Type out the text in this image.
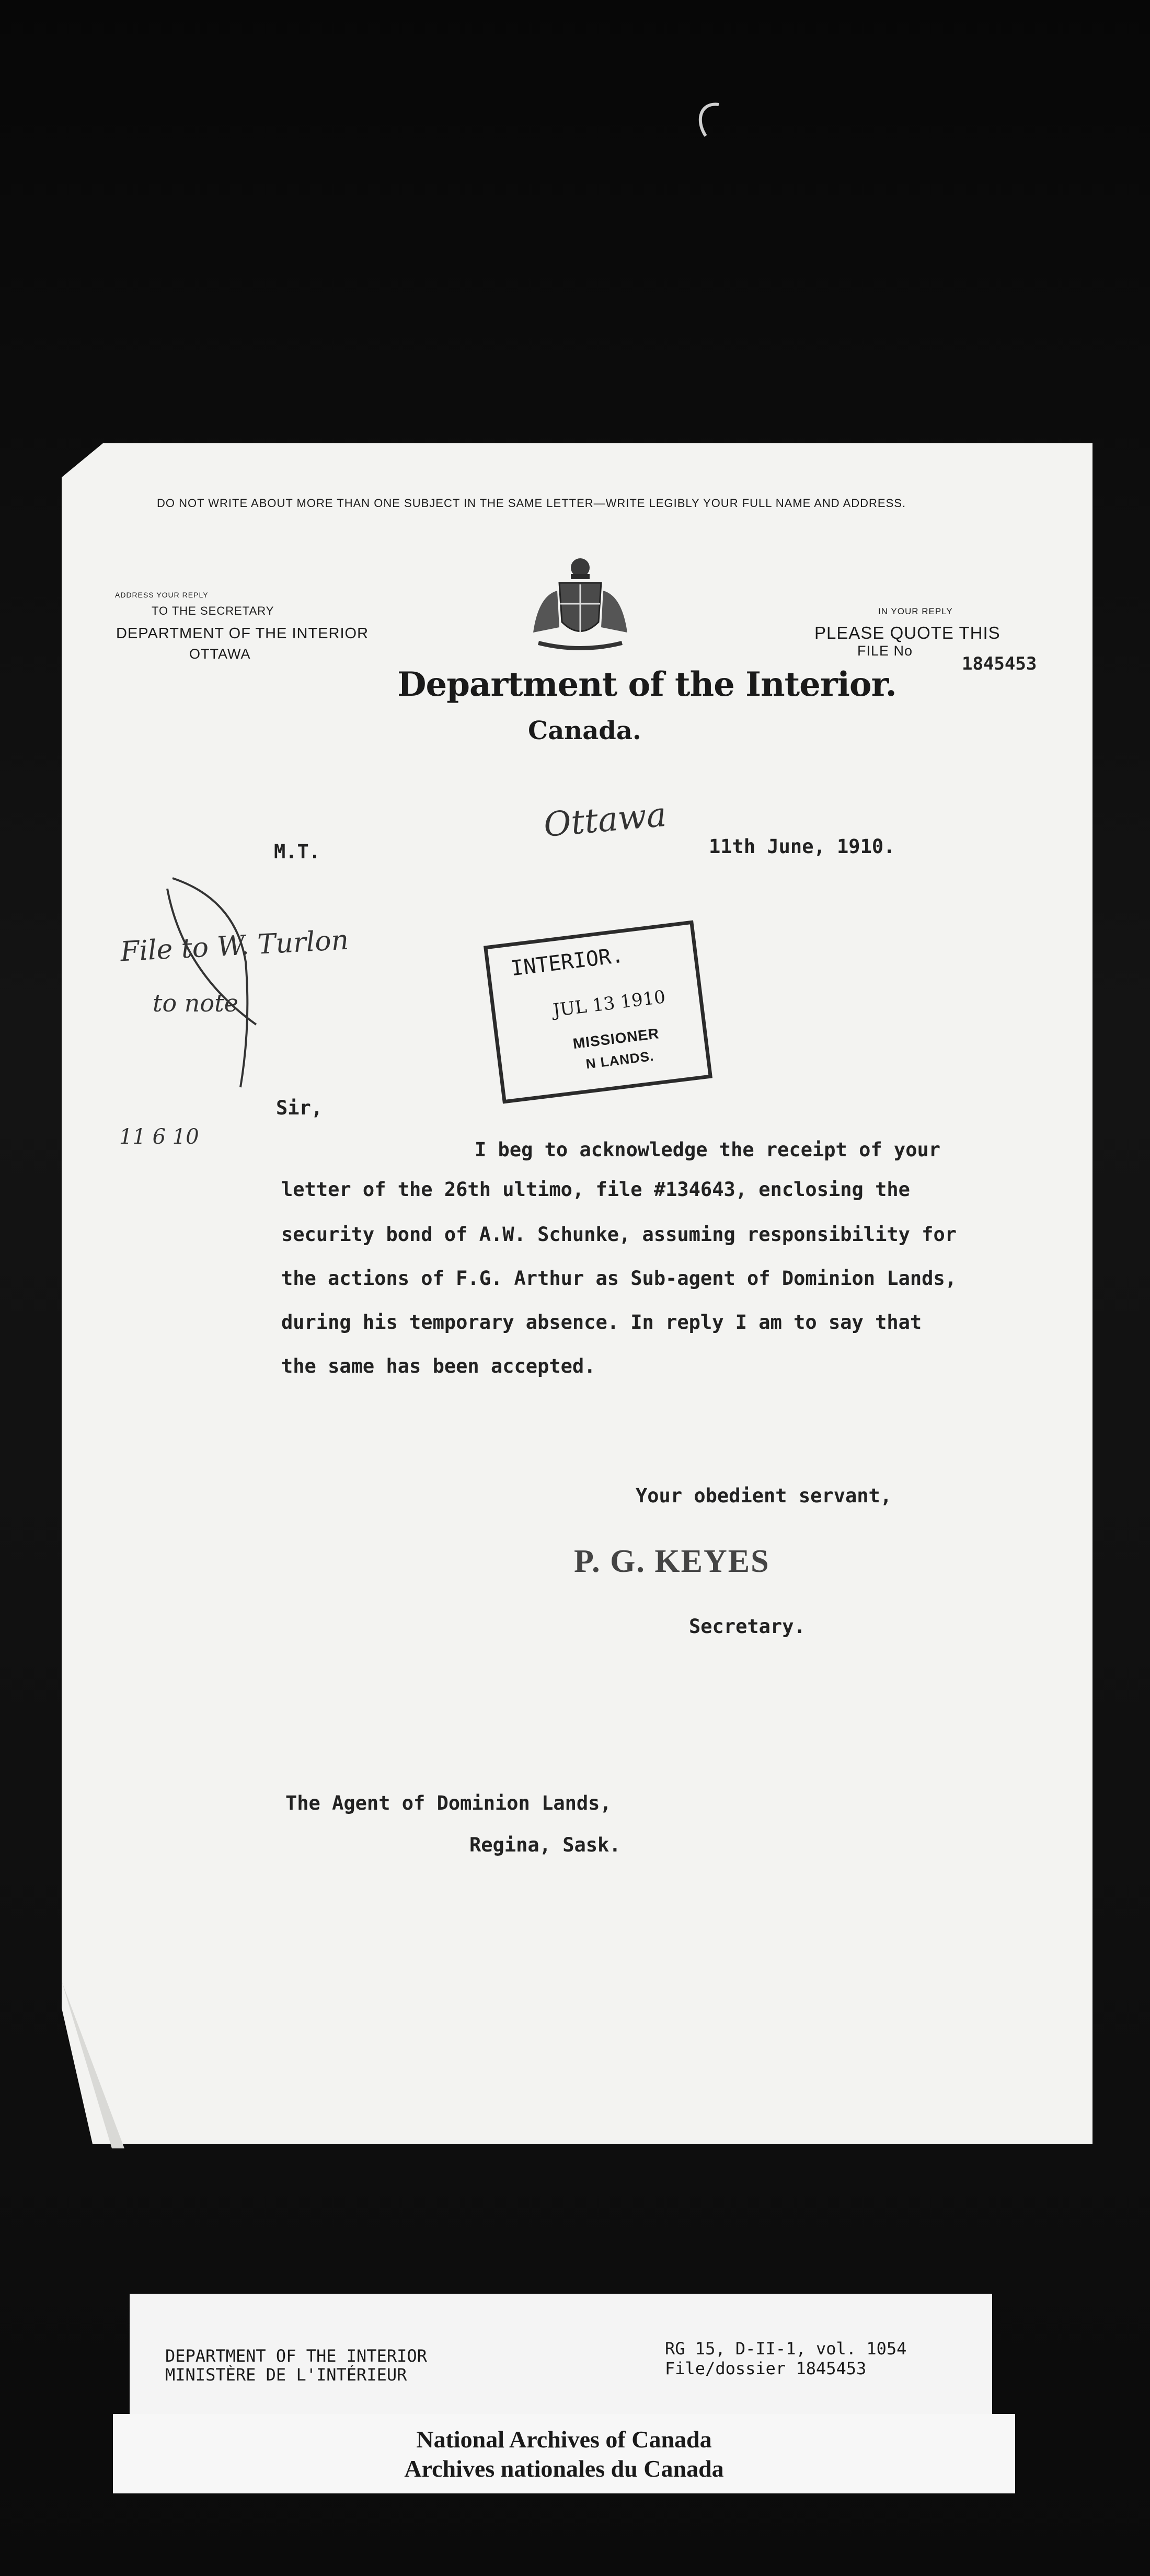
DO NOT WRITE ABOUT MORE THAN ONE SUBJECT IN THE SAME LETTER—WRITE LEGIBLY YOUR FULL NAME AND ADDRESS.
ADDRESS YOUR REPLY
TO THE SECRETARY
DEPARTMENT OF THE INTERIOR
OTTAWA
IN YOUR REPLY
PLEASE QUOTE THIS
FILE No
1845453
Department of the Interior.
Canada.
Ottawa
11th June, 1910.
M.T.
File to W. Turlon
to note
11 6 10
INTERIOR.
JUL 13 1910
MISSIONER
N LANDS.
Sir,
I beg to acknowledge the receipt of your
letter of the 26th ultimo, file #134643, enclosing the
security bond of A.W. Schunke, assuming responsibility for
the actions of F.G. Arthur as Sub-agent of Dominion Lands,
during his temporary absence. In reply I am to say that
the same has been accepted.
Your obedient servant,
P. G. KEYES
Secretary.
The Agent of Dominion Lands,
Regina, Sask.
DEPARTMENT OF THE INTERIOR
MINISTÈRE DE L'INTÉRIEUR
RG 15, D-II-1, vol. 1054
File/dossier 1845453
National Archives of Canada
Archives nationales du Canada
